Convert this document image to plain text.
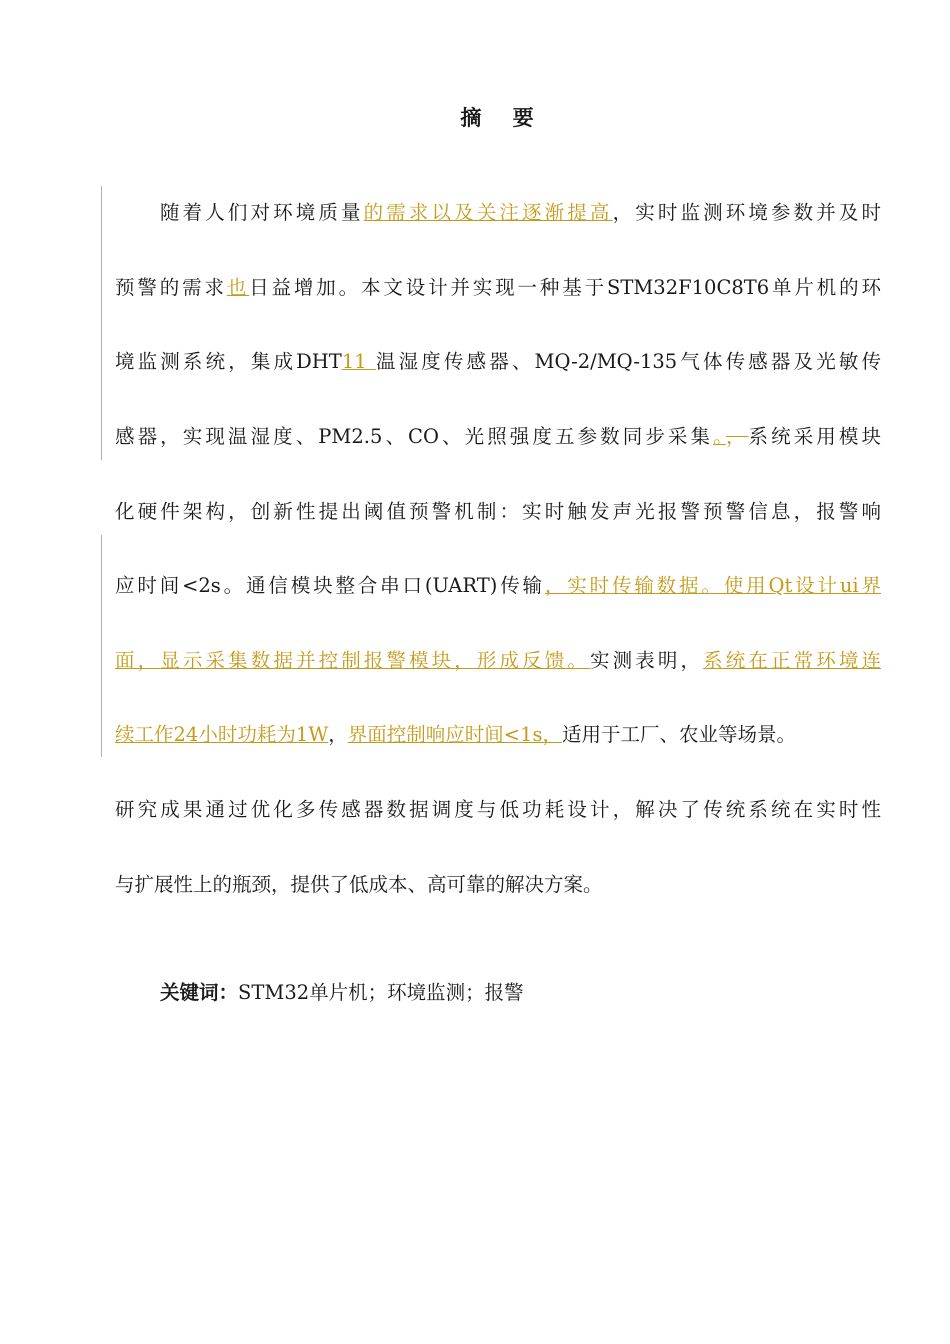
摘 要
随着人们对环境质量的需求以及关注逐渐提高，实时监测环境参数并及时
预警的需求也日益增加。本文设计并实现一种基于STM32F10C8T6单片机的环
境监测系统，集成DHT11 温湿度传感器、MQ-2/MQ-135气体传感器及光敏传
感器，实现温湿度、PM2.5、CO、光照强度五参数同步采集。，系统采用模块
化硬件架构，创新性提出阈值预警机制：实时触发声光报警预警信息，报警响
应时间<2s。通信模块整合串口(UART)传输，实时传输数据。使用Qt设计ui界
面，显示采集数据并控制报警模块，形成反馈。实测表明，系统在正常环境连
续工作24小时功耗为1W，界面控制响应时间<1s，适用于工厂、农业等场景。
研究成果通过优化多传感器数据调度与低功耗设计，解决了传统系统在实时性
与扩展性上的瓶颈，提供了低成本、高可靠的解决方案。
关键词：STM32单片机；环境监测；报警
